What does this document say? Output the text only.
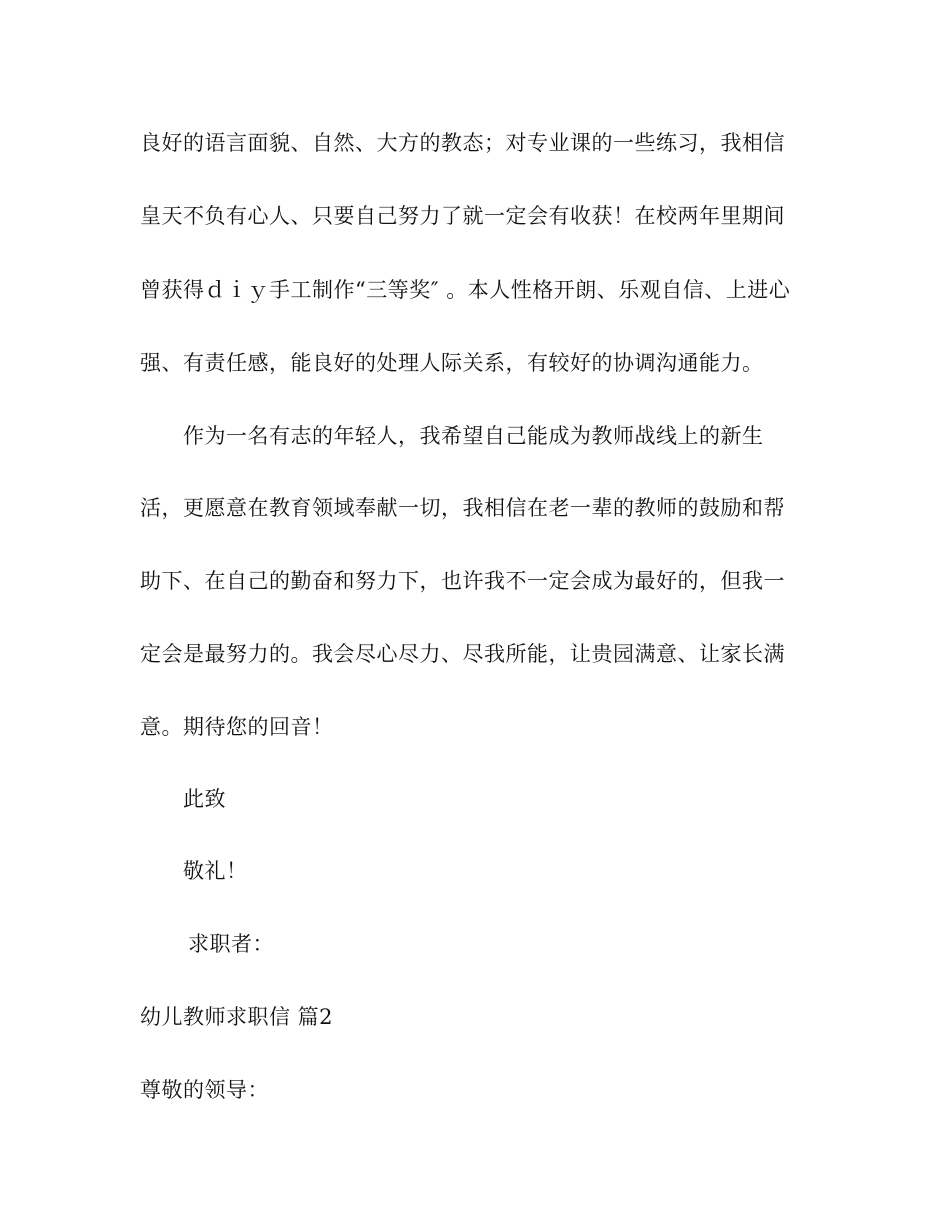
良好的语言面貌、自然、大方的教态；对专业课的一些练习，我相信
皇天不负有心人、只要自己努力了就一定会有收获！在校两年里期间
曾获得ｄｉｙ手工制作“三等奖″ 。本人性格开朗、乐观自信、上进心
强、有责任感，能良好的处理人际关系，有较好的协调沟通能力。
作为一名有志的年轻人，我希望自己能成为教师战线上的新生
活，更愿意在教育领域奉献一切，我相信在老一辈的教师的鼓励和帮
助下、在自己的勤奋和努力下，也许我不一定会成为最好的，但我一
定会是最努力的。我会尽心尽力、尽我所能，让贵园满意、让家长满
意。期待您的回音！
此致
敬礼！
求职者：
幼儿教师求职信 篇2
尊敬的领导：
